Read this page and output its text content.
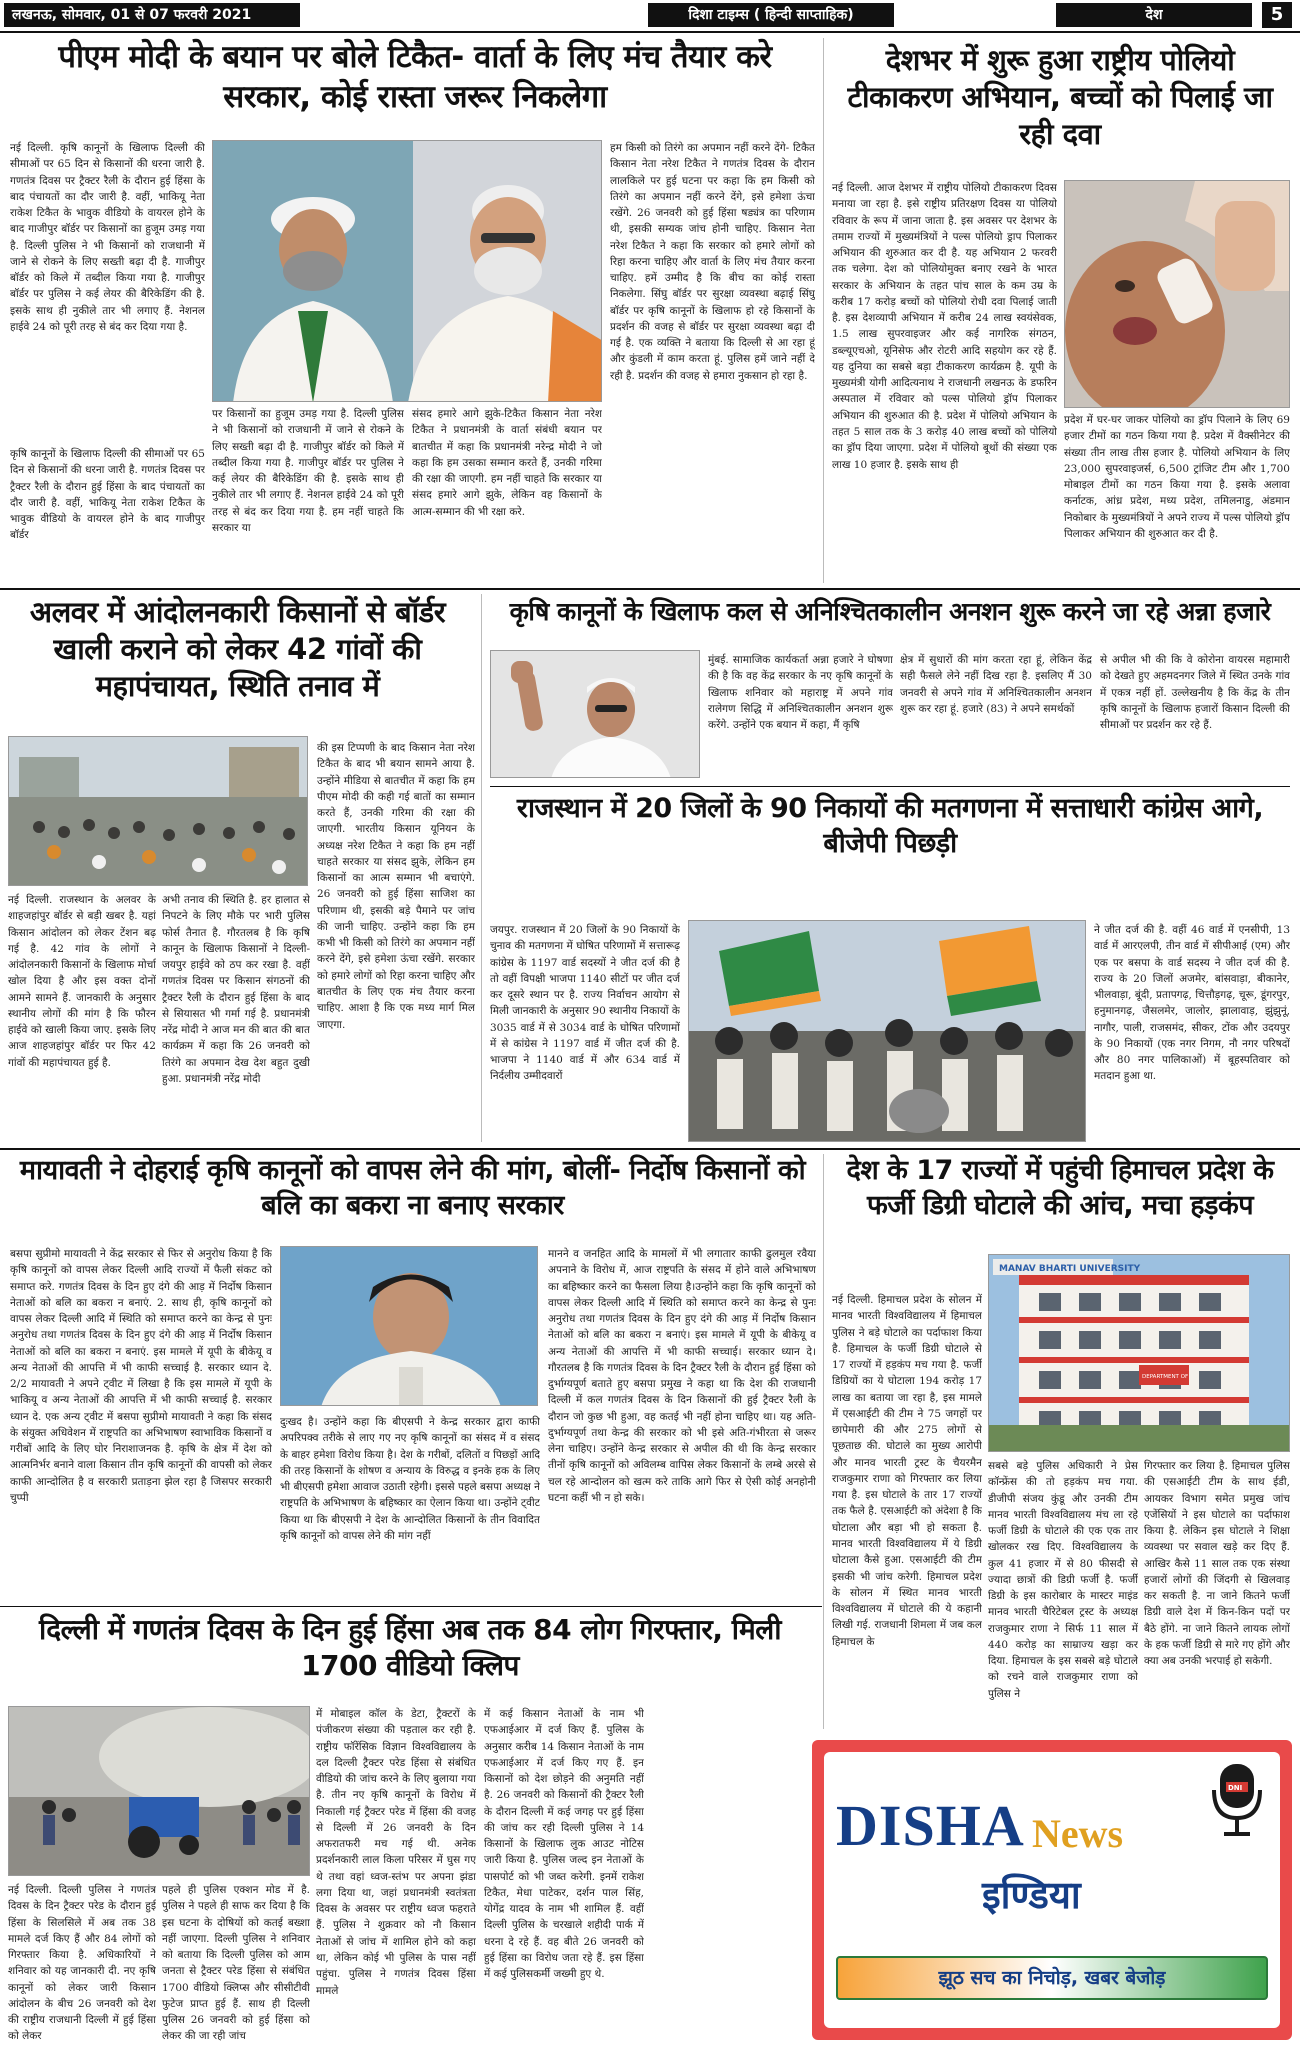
लखनऊ, सोमवार, 01 से 07 फरवरी 2021	दिशा टाइम्स ( हिन्दी साप्ताहिक)	देश	5
पीएम मोदी के बयान पर बोले टिकैत- वार्ता के लिए मंच तैयार करे सरकार, कोई रास्ता जरूर निकलेगा

नई दिल्ली. कृषि कानूनों के खिलाफ दिल्ली की सीमाओं पर 65 दिन से किसानों की धरना जारी है. गणतंत्र दिवस पर ट्रैक्टर रैली के दौरान हुई हिंसा के बाद पंचायतों का दौर जारी है. वहीं, भाकियू नेता राकेश टिकैत के भावुक वीडियो के वायरल होने के बाद गाजीपुर बॉर्डर पर किसानों का हुजूम उमड़ गया है. दिल्ली पुलिस ने भी किसानों को राजधानी में जाने से रोकने के लिए सख्ती बढ़ा दी है. गाजीपुर बॉर्डर को किले में तब्दील किया गया है. गाजीपुर बॉर्डर पर पुलिस ने कई लेयर की बैरिकेडिंग की है. इसके साथ ही नुकीले तार भी लगाए हैं. नेशनल हाईवे 24 को पूरी तरह से बंद कर दिया गया है.

कृषि कानूनों के खिलाफ दिल्ली की सीमाओं पर 65 दिन से किसानों की धरना जारी है. गणतंत्र दिवस पर ट्रैक्टर रैली के दौरान हुई हिंसा के बाद पंचायतों का दौर जारी है. वहीं, भाकियू नेता राकेश टिकैत के भावुक वीडियो के वायरल होने के बाद गाजीपुर बॉर्डर

पर किसानों का हुजूम उमड़ गया है. दिल्ली पुलिस ने भी किसानों को राजधानी में जाने से रोकने के लिए सख्ती बढ़ा दी है. गाजीपुर बॉर्डर को किले में तब्दील किया गया है. गाजीपुर बॉर्डर पर पुलिस ने कई लेयर की बैरिकेडिंग की है. इसके साथ ही नुकीले तार भी लगाए हैं. नेशनल हाईवे 24 को पूरी तरह से बंद कर दिया गया है. हम नहीं चाहते कि सरकार या

संसद हमारे आगे झुके-टिकैत किसान नेता नरेश टिकैत ने प्रधानमंत्री के वार्ता संबंधी बयान पर बातचीत में कहा कि प्रधानमंत्री नरेन्द्र मोदी ने जो कहा कि हम उसका सम्मान करते हैं, उनकी गरिमा की रक्षा की जाएगी. हम नहीं चाहते कि सरकार या संसद हमारे आगे झुके, लेकिन वह किसानों के आत्म-सम्मान की भी रक्षा करे.

हम किसी को तिरंगे का अपमान नहीं करने देंगे- टिकैत किसान नेता नरेश टिकैत ने गणतंत्र दिवस के दौरान लालकिले पर हुई घटना पर कहा कि हम किसी को तिरंगे का अपमान नहीं करने देंगे, इसे हमेशा ऊंचा रखेंगे. 26 जनवरी को हुई हिंसा षड्यंत्र का परिणाम थी, इसकी सम्यक जांच होनी चाहिए. किसान नेता नरेश टिकैत ने कहा कि सरकार को हमारे लोगों को रिहा करना चाहिए और वार्ता के लिए मंच तैयार करना चाहिए. हमें उम्मीद है कि बीच का कोई रास्ता निकलेगा. सिंघु बॉर्डर पर सुरक्षा व्यवस्था बढ़ाई सिंघु बॉर्डर पर कृषि कानूनों के खिलाफ हो रहे किसानों के प्रदर्शन की वजह से बॉर्डर पर सुरक्षा व्यवस्था बढ़ा दी गई है. एक व्यक्ति ने बताया कि दिल्ली से आ रहा हूं और कुंडली में काम करता हूं. पुलिस हमें जाने नहीं दे रही है. प्रदर्शन की वजह से हमारा नुकसान हो रहा है.

देशभर में शुरू हुआ राष्ट्रीय पोलियो टीकाकरण अभियान, बच्चों को पिलाई जा रही दवा

नई दिल्ली. आज देशभर में राष्ट्रीय पोलियो टीकाकरण दिवस मनाया जा रहा है. इसे राष्ट्रीय प्रतिरक्षण दिवस या पोलियो रविवार के रूप में जाना जाता है. इस अवसर पर देशभर के तमाम राज्यों में मुख्यमंत्रियों ने पल्स पोलियो ड्राप पिलाकर अभियान की शुरुआत कर दी है. यह अभियान 2 फरवरी तक चलेगा. देश को पोलियोमुक्त बनाए रखने के भारत सरकार के अभियान के तहत पांच साल के कम उम्र के करीब 17 करोड़ बच्चों को पोलियो रोधी दवा पिलाई जाती है. इस देशव्यापी अभियान में करीब 24 लाख स्वयंसेवक, 1.5 लाख सुपरवाइजर और कई नागरिक संगठन, डब्ल्यूएचओ, यूनिसेफ और रोटरी आदि सहयोग कर रहे हैं. यह दुनिया का सबसे बड़ा टीकाकरण कार्यक्रम है. यूपी के मुख्यमंत्री योगी आदित्यनाथ ने राजधानी लखनऊ के डफरिन अस्पताल में रविवार को पल्स पोलियो ड्रॉप पिलाकर अभियान की शुरुआत की है. प्रदेश में पोलियो अभियान के तहत 5 साल तक के 3 करोड़ 40 लाख बच्चों को पोलियो का ड्रॉप दिया जाएगा. प्रदेश में पोलियो बूथों की संख्या एक लाख 10 हजार है. इसके साथ ही

प्रदेश में घर-घर जाकर पोलियो का ड्रॉप पिलाने के लिए 69 हजार टीमों का गठन किया गया है. प्रदेश में वैक्सीनेटर की संख्या तीन लाख तीस हजार है. पोलियो अभियान के लिए 23,000 सुपरवाइजर्स, 6,500 ट्रांजिट टीम और 1,700 मोबाइल टीमों का गठन किया गया है. इसके अलावा कर्नाटक, आंध्र प्रदेश, मध्य प्रदेश, तमिलनाडु, अंडमान निकोबार के मुख्यमंत्रियों ने अपने राज्य में पल्स पोलियो ड्रॉप पिलाकर अभियान की शुरुआत कर दी है.

अलवर में आंदोलनकारी किसानों से बॉर्डर खाली कराने को लेकर 42 गांवों की महापंचायत, स्थिति तनाव में

नई दिल्ली. राजस्थान के अलवर के शाहजहांपुर बॉर्डर से बड़ी खबर है. यहां किसान आंदोलन को लेकर टेंशन बढ़ गई है. 42 गांव के लोगों ने आंदोलनकारी किसानों के खिलाफ मोर्चा खोल दिया है और इस वक्त दोनों आमने सामने हैं. जानकारी के अनुसार स्थानीय लोगों की मांग है कि फौरन हाईवे को खाली किया जाए. इसके लिए आज शाहजहांपुर बॉर्डर पर फिर 42 गांवों की महापंचायत हुई है.

अभी तनाव की स्थिति है. हर हालात से निपटने के लिए मौके पर भारी पुलिस फोर्स तैनात है. गौरतलब है कि कृषि कानून के खिलाफ किसानों ने दिल्ली-जयपुर हाईवे को ठप कर रखा है. वहीं गणतंत्र दिवस पर किसान संगठनों की ट्रैक्टर रैली के दौरान हुई हिंसा के बाद से सियासत भी गर्मा गई है. प्रधानमंत्री नरेंद्र मोदी ने आज मन की बात की बात कार्यक्रम में कहा कि 26 जनवरी को तिरंगे का अपमान देख देश बहुत दुखी हुआ. प्रधानमंत्री नरेंद्र मोदी

की इस टिप्पणी के बाद किसान नेता नरेश टिकैत के बाद भी बयान सामने आया है. उन्होंने मीडिया से बातचीत में कहा कि हम पीएम मोदी की कही गई बातों का सम्मान करते हैं, उनकी गरिमा की रक्षा की जाएगी. भारतीय किसान यूनियन के अध्यक्ष नरेश टिकैत ने कहा कि हम नहीं चाहते सरकार या संसद झुके, लेकिन हम किसानों का आत्म सम्मान भी बचाएंगे. 26 जनवरी को हुई हिंसा साजिश का परिणाम थी, इसकी बड़े पैमाने पर जांच की जानी चाहिए. उन्होंने कहा कि हम कभी भी किसी को तिरंगे का अपमान नहीं करने देंगे, इसे हमेशा ऊंचा रखेंगे. सरकार को हमारे लोगों को रिहा करना चाहिए और बातचीत के लिए एक मंच तैयार करना चाहिए. आशा है कि एक मध्य मार्ग मिल जाएगा.

कृषि कानूनों के खिलाफ कल से अनिश्चितकालीन अनशन शुरू करने जा रहे अन्ना हजारे

मुंबई. सामाजिक कार्यकर्ता अन्ना हजारे ने घोषणा की है कि वह केंद्र सरकार के नए कृषि कानूनों के खिलाफ शनिवार को महाराष्ट्र में अपने गांव रालेगण सिद्धि में अनिश्चितकालीन अनशन शुरू करेंगे. उन्होंने एक बयान में कहा, मैं कृषि

क्षेत्र में सुधारों की मांग करता रहा हूं, लेकिन केंद्र सही फैसले लेने नहीं दिख रहा है. इसलिए मैं 30 जनवरी से अपने गांव में अनिश्चितकालीन अनशन शुरू कर रहा हूं. हजारे (83) ने अपने समर्थकों

से अपील भी की कि वे कोरोना वायरस महामारी को देखते हुए अहमदनगर जिले में स्थित उनके गांव में एकत्र नहीं हों. उल्लेखनीय है कि केंद्र के तीन कृषि कानूनों के खिलाफ हजारों किसान दिल्ली की सीमाओं पर प्रदर्शन कर रहे हैं.

राजस्थान में 20 जिलों के 90 निकायों की मतगणना में सत्ताधारी कांग्रेस आगे, बीजेपी पिछड़ी

जयपुर. राजस्थान में 20 जिलों के 90 निकायों के चुनाव की मतगणना में घोषित परिणामों में सत्तारूढ़ कांग्रेस के 1197 वार्ड सदस्यों ने जीत दर्ज की है तो वहीं विपक्षी भाजपा 1140 सीटों पर जीत दर्ज कर दूसरे स्थान पर है. राज्य निर्वाचन आयोग से मिली जानकारी के अनुसार 90 स्थानीय निकायों के 3035 वार्ड में से 3034 वार्ड के घोषित परिणामों में से कांग्रेस ने 1197 वार्ड में जीत दर्ज की है. भाजपा ने 1140 वार्ड में और 634 वार्ड में निर्दलीय उम्मीदवारों

ने जीत दर्ज की है. वहीं 46 वार्ड में एनसीपी, 13 वार्ड में आरएलपी, तीन वार्ड में सीपीआई (एम) और एक पर बसपा के वार्ड सदस्य ने जीत दर्ज की है. राज्य के 20 जिलों अजमेर, बांसवाड़ा, बीकानेर, भीलवाड़ा, बूंदी, प्रतापगढ़, चित्तौड़गढ़, चूरू, डूंगरपुर, हनुमानगढ़, जैसलमेर, जालोर, झालावाड़, झुंझुनूं, नागौर, पाली, राजसमंद, सीकर, टोंक और उदयपुर के 90 निकायों (एक नगर निगम, नौ नगर परिषदों और 80 नगर पालिकाओं) में बूहस्पतिवार को मतदान हुआ था.

मायावती ने दोहराई कृषि कानूनों को वापस लेने की मांग, बोलीं- निर्दोष किसानों को बलि का बकरा ना बनाए सरकार

बसपा सुप्रीमो मायावती ने केंद्र सरकार से फिर से अनुरोध किया है कि कृषि कानूनों को वापस लेकर दिल्ली आदि राज्यों में फैली संकट को समाप्त करे. गणतंत्र दिवस के दिन हुए दंगे की आड़ में निर्दोष किसान नेताओं को बलि का बकरा न बनाएं. 2. साथ ही, कृषि कानूनों को वापस लेकर दिल्ली आदि में स्थिति को समाप्त करने का केन्द्र से पुनः अनुरोध तथा गणतंत्र दिवस के दिन हुए दंगे की आड़ में निर्दोष किसान नेताओं को बलि का बकरा न बनाएं. इस मामले में यूपी के बीकेयू व अन्य नेताओं की आपत्ति में भी काफी सच्चाई है. सरकार ध्यान दे. 2/2 मायावती ने अपने ट्वीट में लिखा है कि इस मामले में यूपी के भाकियू व अन्य नेताओं की आपत्ति में भी काफी सच्चाई है. सरकार ध्यान दे. एक अन्य ट्वीट में बसपा सुप्रीमो मायावती ने कहा कि संसद के संयुक्त अधिवेशन में राष्ट्रपति का अभिभाषण स्वाभाविक किसानों व गरीबों आदि के लिए घोर निराशाजनक है. कृषि के क्षेत्र में देश को आत्मनिर्भर बनाने वाला किसान तीन कृषि कानूनों की वापसी को लेकर काफी आन्दोलित है व सरकारी प्रताड़ना झेल रहा है जिसपर सरकारी चुप्पी

दुःखद है। उन्होंने कहा कि बीएसपी ने केन्द्र सरकार द्वारा काफी अपरिपक्व तरीके से लाए गए नए कृषि कानूनों का संसद में व संसद के बाहर हमेशा विरोध किया है। देश के गरीबों, दलितों व पिछड़ों आदि की तरह किसानों के शोषण व अन्याय के विरुद्ध व इनके हक के लिए भी बीएसपी हमेशा आवाज उठाती रहेगी। इससे पहले बसपा अध्यक्ष ने राष्ट्रपति के अभिभाषण के बहिष्कार का ऐलान किया था। उन्होंने ट्वीट किया था कि बीएसपी ने देश के आन्दोलित किसानों के तीन विवादित कृषि कानूनों को वापस लेने की मांग नहीं

मानने व जनहित आदि के मामलों में भी लगातार काफी ढुलमुल रवैया अपनाने के विरोध में, आज राष्ट्रपति के संसद में होने वाले अभिभाषण का बहिष्कार करने का फैसला लिया है।उन्होंने कहा कि कृषि कानूनों को वापस लेकर दिल्ली आदि में स्थिति को समाप्त करने का केन्द्र से पुनः अनुरोध तथा गणतंत्र दिवस के दिन हुए दंगे की आड़ में निर्दोष किसान नेताओं को बलि का बकरा न बनाएं। इस मामले में यूपी के बीकेयू व अन्य नेताओं की आपत्ति में भी काफी सच्चाई। सरकार ध्यान दे। गौरतलब है कि गणतंत्र दिवस के दिन ट्रैक्टर रैली के दौरान हुई हिंसा को दुर्भाग्यपूर्ण बताते हुए बसपा प्रमुख ने कहा था कि देश की राजधानी दिल्ली में कल गणतंत्र दिवस के दिन किसानों की हुई ट्रैक्टर रैली के दौरान जो कुछ भी हुआ, वह कतई भी नहीं होना चाहिए था। यह अति-दुर्भाग्यपूर्ण तथा केन्द्र की सरकार को भी इसे अति-गंभीरता से जरूर लेना चाहिए। उन्होंने केन्द्र सरकार से अपील की थी कि केन्द्र सरकार तीनों कृषि कानूनों को अविलम्ब वापिस लेकर किसानों के लम्बे अरसे से चल रहे आन्दोलन को खत्म करे ताकि आगे फिर से ऐसी कोई अनहोनी घटना कहीं भी न हो सके।

देश के 17 राज्यों में पहुंची हिमाचल प्रदेश के फर्जी डिग्री घोटाले की आंच, मचा हड़कंप

नई दिल्ली. हिमाचल प्रदेश के सोलन में मानव भारती विश्वविद्यालय में हिमाचल पुलिस ने बड़े घोटाले का पर्दाफाश किया है. हिमाचल के फर्जी डिग्री घोटाले से 17 राज्यों में हड़कंप मच गया है. फर्जी डिग्रियों का ये घोटाला 194 करोड़ 17 लाख का बताया जा रहा है, इस मामले में एसआईटी की टीम ने 75 जगहों पर छापेमारी की और 275 लोगों से पूछताछ की. घोटाले का मुख्य आरोपी और मानव भारती ट्रस्ट के चैयरमैन राजकुमार राणा को गिरफ्तार कर लिया गया है. इस घोटाले के तार 17 राज्यों तक फैले है. एसआईटी को अंदेशा है कि घोटाला और बड़ा भी हो सकता है. मानव भारती विश्वविद्यालय में ये डिग्री घोटाला कैसे हुआ. एसआईटी की टीम इसकी भी जांच करेगी. हिमाचल प्रदेश के सोलन में स्थित मानव भारती विश्वविद्यालय में घोटाले की ये कहानी लिखी गई. राजधानी शिमला में जब कल हिमाचल के

MANAV BHARTI UNIVERSITY
DEPARTMENT OF

सबसे बड़े पुलिस अधिकारी ने प्रेस कॉन्फ्रेंस की तो हड़कंप मच गया. डीजीपी संजय कुंडू और उनकी टीम मानव भारती विश्वविद्यालय मंच ला रहे फर्जी डिग्री के घोटाले की एक एक तार खोलकर रख दिए. विश्वविद्यालय के कुल 41 हजार में से 80 फीसदी से ज्यादा छात्रों की डिग्री फर्जी है. फर्जी डिग्री के इस कारोबार के मास्टर माइंड मानव भारती चैरिटेबल ट्रस्ट के अध्यक्ष राजकुमार राणा ने सिर्फ 11 साल में 440 करोड़ का साम्राज्य खड़ा कर दिया. हिमाचल के इस सबसे बड़े घोटाले को रचने वाले राजकुमार राणा को पुलिस ने

गिरफ्तार कर लिया है. हिमाचल पुलिस की एसआईटी टीम के साथ ईडी, आयकर विभाग समेत प्रमुख जांच एजेंसियों ने इस घोटाले का पर्दाफाश किया है. लेकिन इस घोटाले ने शिक्षा व्यवस्था पर सवाल खड़े कर दिए हैं. आखिर कैसे 11 साल तक एक संस्था हजारों लोगों की जिंदगी से खिलवाड़ कर सकती है. ना जाने कितने फर्जी डिग्री वाले देश में किन-किन पदों पर बैठे होंगे. ना जाने कितने लायक लोगों के हक फर्जी डिग्री से मारे गए होंगे और क्या अब उनकी भरपाई हो सकेगी.

दिल्ली में गणतंत्र दिवस के दिन हुई हिंसा अब तक 84 लोग गिरफ्तार, मिली 1700 वीडियो क्लिप

नई दिल्ली. दिल्ली पुलिस ने गणतंत्र दिवस के दिन ट्रैक्टर परेड के दौरान हुई हिंसा के सिलसिले में अब तक 38 मामले दर्ज किए हैं और 84 लोगों को गिरफ्तार किया है. अधिकारियों ने शनिवार को यह जानकारी दी. नए कृषि कानूनों को लेकर जारी किसान आंदोलन के बीच 26 जनवरी को देश की राष्ट्रीय राजधानी दिल्ली में हुई हिंसा को लेकर

पहले ही पुलिस एक्शन मोड में है. पुलिस ने पहले ही साफ कर दिया है कि इस घटना के दोषियों को कतई बख्शा नहीं जाएगा. दिल्ली पुलिस ने शनिवार को बताया कि दिल्ली पुलिस को आम जनता से ट्रैक्टर परेड हिंसा से संबंधित 1700 वीडियो क्लिप्स और सीसीटीवी फुटेज प्राप्त हुई हैं. साथ ही दिल्ली पुलिस 26 जनवरी को हुई हिंसा को लेकर की जा रही जांच

में मोबाइल कॉल के डेटा, ट्रैक्टरों के पंजीकरण संख्या की पड़ताल कर रही है. राष्ट्रीय फॉरेंसिक विज्ञान विश्वविद्यालय के दल दिल्ली ट्रैक्टर परेड हिंसा से संबंधित वीडियो की जांच करने के लिए बुलाया गया है. तीन नए कृषि कानूनों के विरोध में निकाली गई ट्रैक्टर परेड में हिंसा की वजह से दिल्ली में 26 जनवरी के दिन अफरातफरी मच गई थी. अनेक प्रदर्शनकारी लाल किला परिसर में घुस गए थे तथा वहां ध्वज-स्तंभ पर अपना झंडा लगा दिया था, जहां प्रधानमंत्री स्वतंत्रता दिवस के अवसर पर राष्ट्रीय ध्वज फहराते हैं. पुलिस ने शुक्रवार को नौ किसान नेताओं से जांच में शामिल होने को कहा था, लेकिन कोई भी पुलिस के पास नहीं पहुंचा. पुलिस ने गणतंत्र दिवस हिंसा मामले

में कई किसान नेताओं के नाम भी एफआईआर में दर्ज किए हैं. पुलिस के अनुसार करीब 14 किसान नेताओं के नाम एफआईआर में दर्ज किए गए हैं. इन किसानों को देश छोड़ने की अनुमति नहीं है. 26 जनवरी को किसानों की ट्रैक्टर रैली के दौरान दिल्ली में कई जगह पर हुई हिंसा की जांच कर रही दिल्ली पुलिस ने 14 किसानों के खिलाफ लुक आउट नोटिस जारी किया है. पुलिस जल्द इन नेताओं के पासपोर्ट को भी जब्त करेगी. इनमें राकेश टिकैत, मेधा पाटेकर, दर्शन पाल सिंह, योगेंद्र यादव के नाम भी शामिल हैं. वहीं दिल्ली पुलिस के चरखाले शहीदी पार्क में धरना दे रहे हैं. वह बीते 26 जनवरी को हुई हिंसा का विरोध जता रहे हैं. इस हिंसा में कई पुलिसकर्मी जख्मी हुए थे.

DISHA News
DNI
इण्डिया
झूठ सच का निचोड़, खबर बेजोड़
